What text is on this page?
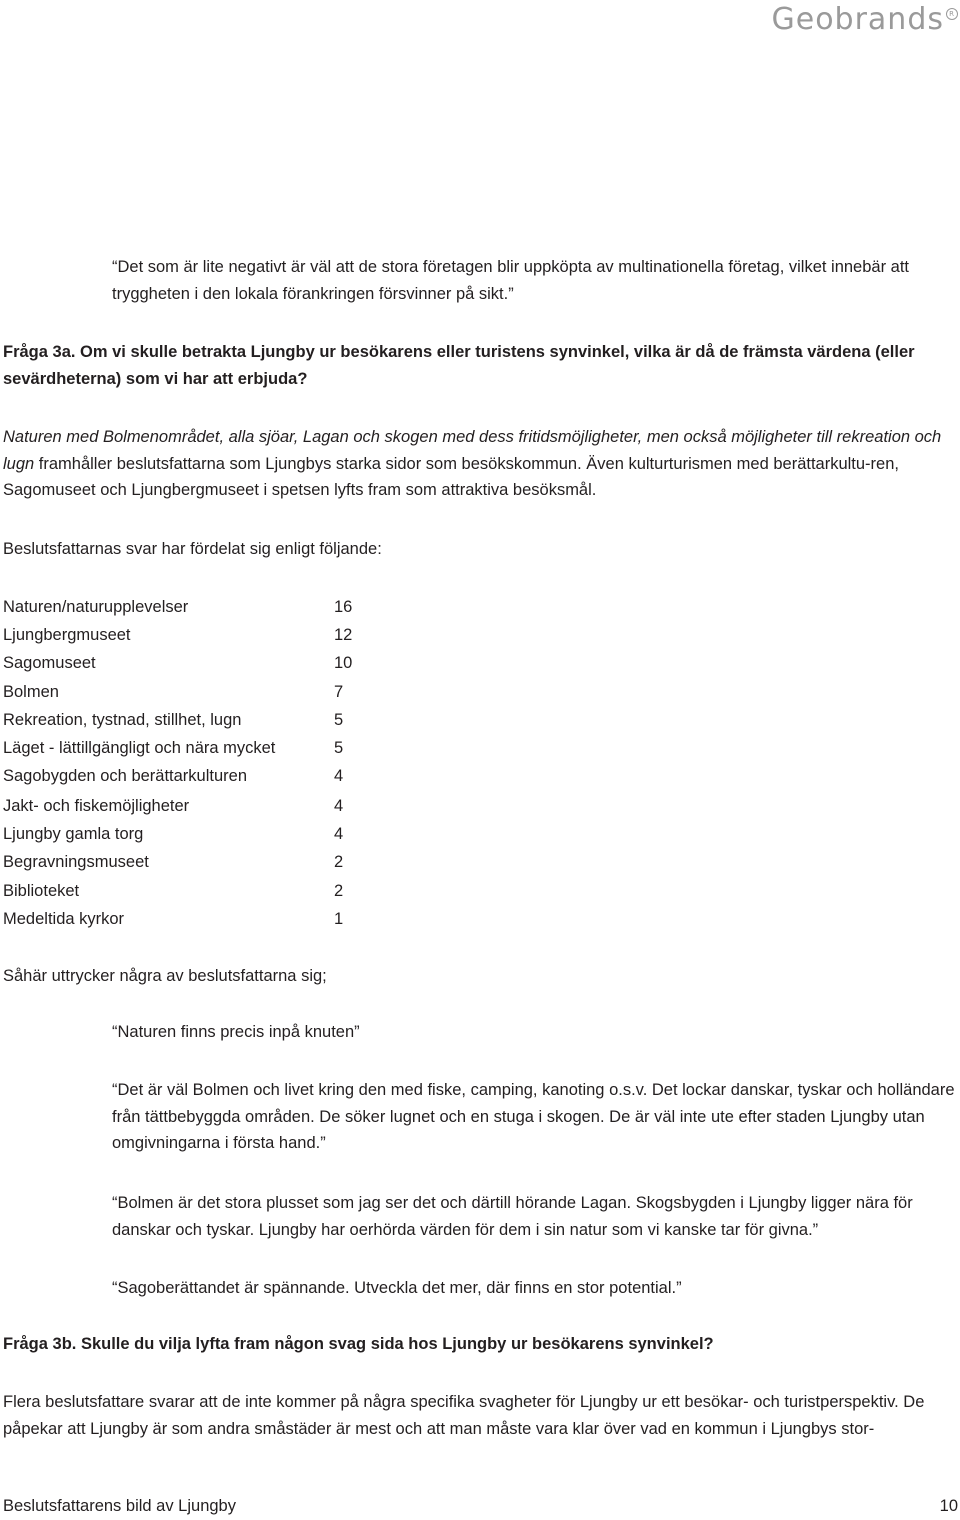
Geobrands R
“Det som är lite negativt är väl att de stora företagen blir uppköpta av multinationella företag, vilket innebär att tryggheten i den lokala förankringen försvinner på sikt.”
Fråga 3a. Om vi skulle betrakta Ljungby ur besökarens eller turistens synvinkel, vilka är då de främsta värdena (eller sevärdheterna) som vi har att erbjuda?
Naturen med Bolmenområdet, alla sjöar, Lagan och skogen med dess fritidsmöjligheter, men också möjligheter till rekreation och lugn framhåller beslutsfattarna som Ljungbys starka sidor som besökskommun. Även kulturturismen med berättarkultu-ren, Sagomuseet och Ljungbergmuseet i spetsen lyfts fram som attraktiva besöksmål.
Beslutsfattarnas svar har fördelat sig enligt följande:
Naturen/naturupplevelser	16
Ljungbergmuseet	12
Sagomuseet	10
Bolmen	7
Rekreation, tystnad, stillhet, lugn	5
Läget - lättillgängligt och nära mycket	5
Sagobygden och berättarkulturen	4
Jakt- och fiskemöjligheter	4
Ljungby gamla torg	4
Begravningsmuseet	2
Biblioteket	2
Medeltida kyrkor	1
Såhär uttrycker några av beslutsfattarna sig;
“Naturen finns precis inpå knuten”
“Det är väl Bolmen och livet kring den med fiske, camping, kanoting o.s.v. Det lockar danskar, tyskar och holländare från tättbebyggda områden. De söker lugnet och en stuga i skogen. De är väl inte ute efter staden Ljungby utan omgivningarna i första hand.”
“Bolmen är det stora plusset som jag ser det och därtill hörande Lagan. Skogsbygden i Ljungby ligger nära för danskar och tyskar. Ljungby har oerhörda värden för dem i sin natur som vi kanske tar för givna.”
“Sagoberättandet är spännande. Utveckla det mer, där finns en stor potential.”
Fråga 3b. Skulle du vilja lyfta fram någon svag sida hos Ljungby ur besökarens synvinkel?
Flera beslutsfattare svarar att de inte kommer på några specifika svagheter för Ljungby ur ett besökar- och turistperspektiv. De påpekar att Ljungby är som andra småstäder är mest och att man måste vara klar över vad en kommun i Ljungbys stor-
Beslutsfattarens bild av Ljungby	10
